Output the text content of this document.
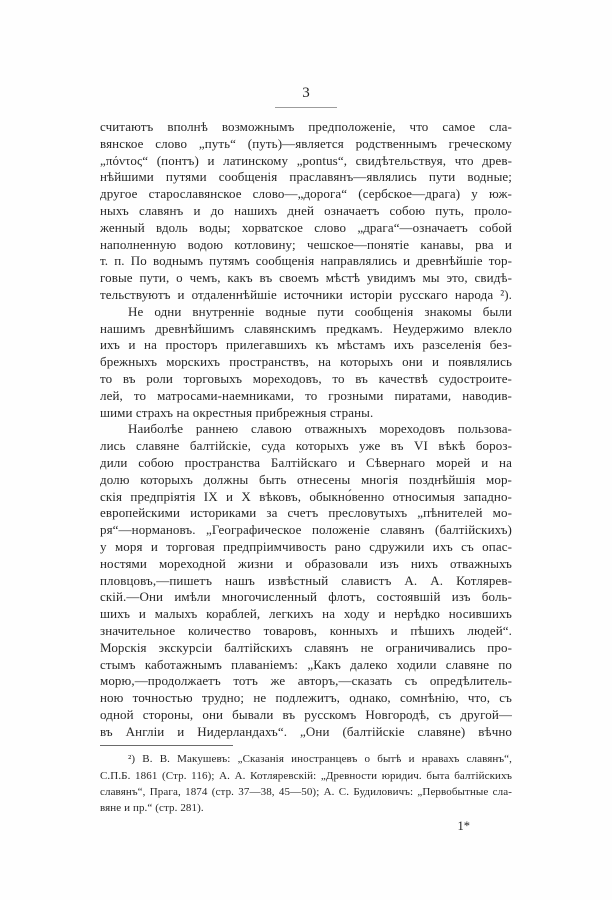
3
считаютъ вполнѣ возможнымъ предположеніе, что самое сла-
вянское слово „путь“ (путь)—является родственнымъ греческому
„πόντος“ (понтъ) и латинскому „pontus“, свидѣтельствуя, что древ-
нѣйшими путями сообщенія праславянъ—являлись пути водные;
другое старославянское слово—„дорога“ (сербское—драга) у юж-
ныхъ славянъ и до нашихъ дней означаетъ собою путь, проло-
женный вдоль воды; хорватское слово „драга“—означаетъ собой
наполненную водою котловину; чешское—понятіе канавы, рва и
т. п. По воднымъ путямъ сообщенія направлялись и древнѣйшіе тор-
говые пути, о чемъ, какъ въ своемъ мѣстѣ увидимъ мы это, свидѣ-
тельствуютъ и отдаленнѣйшіе источники исторіи русскаго народа ²).
Не одни внутренніе водные пути сообщенія знакомы были
нашимъ древнѣйшимъ славянскимъ предкамъ. Неудержимо влекло
ихъ и на просторъ прилегавшихъ къ мѣстамъ ихъ разселенія без-
брежныхъ морскихъ пространствъ, на которыхъ они и появлялись
то въ роли торговыхъ мореходовъ, то въ качествѣ судостроите-
лей, то матросами-наемниками, то грозными пиратами, наводив-
шими страхъ на окрестныя прибрежныя страны.
Наиболѣе раннею славою отважныхъ мореходовъ пользова-
лись славяне балтійскіе, суда которыхъ уже въ VI вѣкѣ бороз-
дили собою пространства Балтійскаго и Сѣвернаго морей и на
долю которыхъ должны быть отнесены многія позднѣйшія мор-
скія предпріятія IX и X вѣковъ, обыкно́венно относимыя западно-
европейскими историками за счетъ пресловутыхъ „пѣнителей мо-
ря“—нормановъ. „Географическое положеніе славянъ (балтійскихъ)
у моря и торговая предпріимчивость рано сдружили ихъ съ опас-
ностями мореходной жизни и образовали изъ нихъ отважныхъ
пловцовъ,—пишетъ нашъ извѣстный славистъ А. А. Котлярев-
скій.—Они имѣли многочисленный флотъ, состоявшій изъ боль-
шихъ и малыхъ кораблей, легкихъ на ходу и нерѣдко носившихъ
значительное количество товаровъ, конныхъ и пѣшихъ людей“.
Морскія экскурсіи балтійскихъ славянъ не ограничивались про-
стымъ каботажнымъ плаваніемъ: „Какъ далеко ходили славяне по
морю,—продолжаетъ тотъ же авторъ,—сказать съ опредѣлитель-
ною точностью трудно; не подлежитъ, однако, сомнѣнію, что, съ
одной стороны, они бывали въ русскомъ Новгородѣ, съ другой—
въ Англіи и Нидерландахъ“. „Они (балтійскіе славяне) вѣчно
²) В. В. Макушевъ: „Сказанія иностранцевъ о бытѣ и нравахъ славянъ“,
С.П.Б. 1861 (Стр. 116); А. А. Котляревскій: „Древности юридич. быта балтійскихъ
славянъ“, Прага, 1874 (стр. 37—38, 45—50); А. С. Будиловичъ: „Первобытные сла-
вяне и пр.“ (стр. 281).
1*
